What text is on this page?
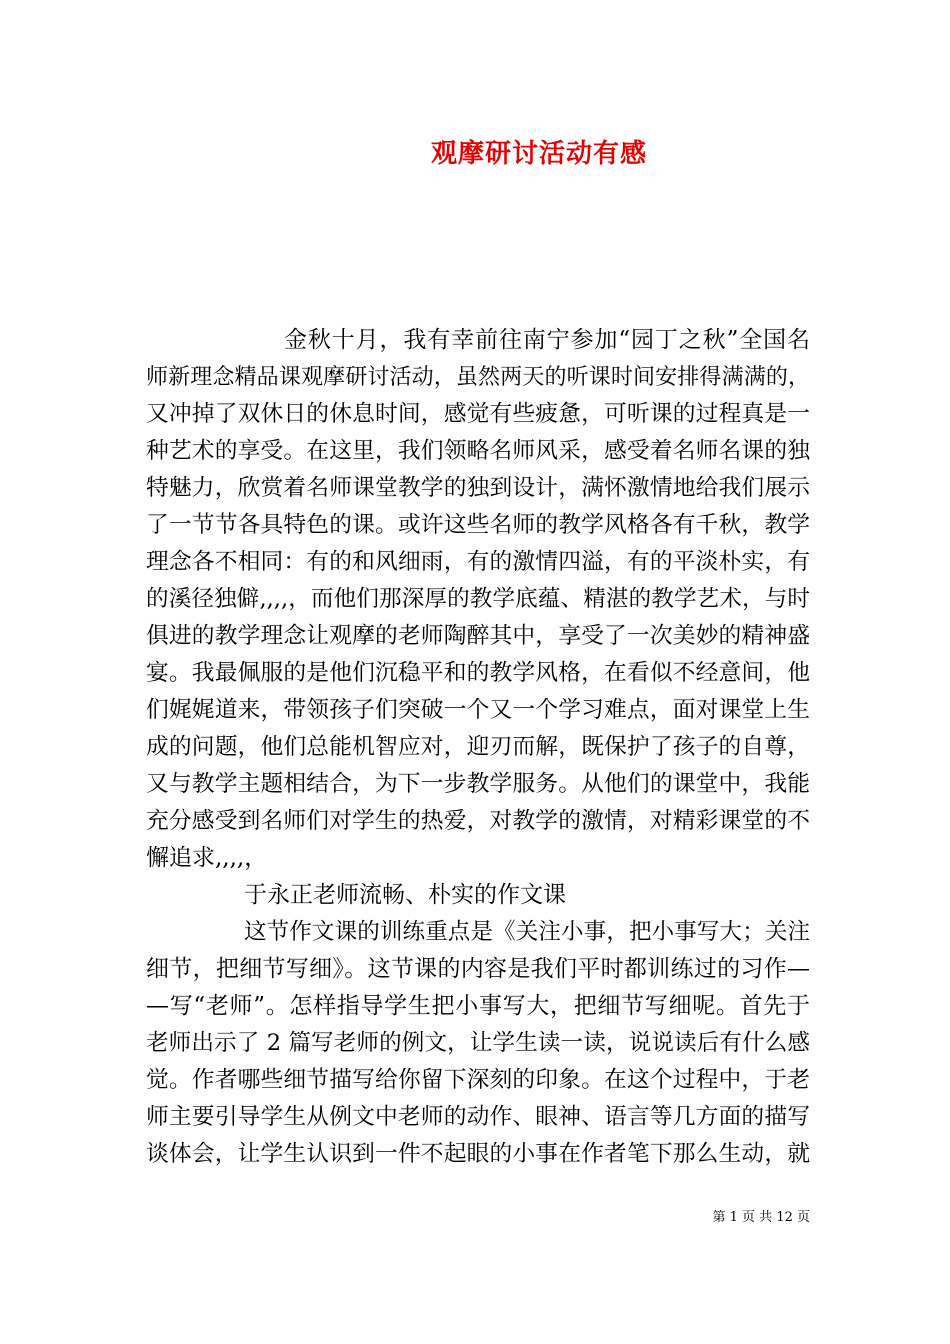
观摩研讨活动有感
金秋十月，我有幸前往南宁参加“园丁之秋”全国名
师新理念精品课观摩研讨活动，虽然两天的听课时间安排得满满的，
又冲掉了双休日的休息时间，感觉有些疲惫，可听课的过程真是一
种艺术的享受。在这里，我们领略名师风采，感受着名师名课的独
特魅力，欣赏着名师课堂教学的独到设计，满怀激情地给我们展示
了一节节各具特色的课。或许这些名师的教学风格各有千秋，教学
理念各不相同：有的和风细雨，有的激情四溢，有的平淡朴实，有
的溪径独僻,,,,，而他们那深厚的教学底蕴、精湛的教学艺术，与时
俱进的教学理念让观摩的老师陶醉其中，享受了一次美妙的精神盛
宴。我最佩服的是他们沉稳平和的教学风格，在看似不经意间，他
们娓娓道来，带领孩子们突破一个又一个学习难点，面对课堂上生
成的问题，他们总能机智应对，迎刃而解，既保护了孩子的自尊，
又与教学主题相结合，为下一步教学服务。从他们的课堂中，我能
充分感受到名师们对学生的热爱，对教学的激情，对精彩课堂的不
懈追求,,,,，
于永正老师流畅、朴实的作文课
这节作文课的训练重点是《关注小事，把小事写大；关注
细节，把细节写细》。这节课的内容是我们平时都训练过的习作—
—写“老师”。怎样指导学生把小事写大，把细节写细呢。首先于
老师出示了 2 篇写老师的例文，让学生读一读，说说读后有什么感
觉。作者哪些细节描写给你留下深刻的印象。在这个过程中，于老
师主要引导学生从例文中老师的动作、眼神、语言等几方面的描写
谈体会，让学生认识到一件不起眼的小事在作者笔下那么生动，就
第 1 页 共 12 页
